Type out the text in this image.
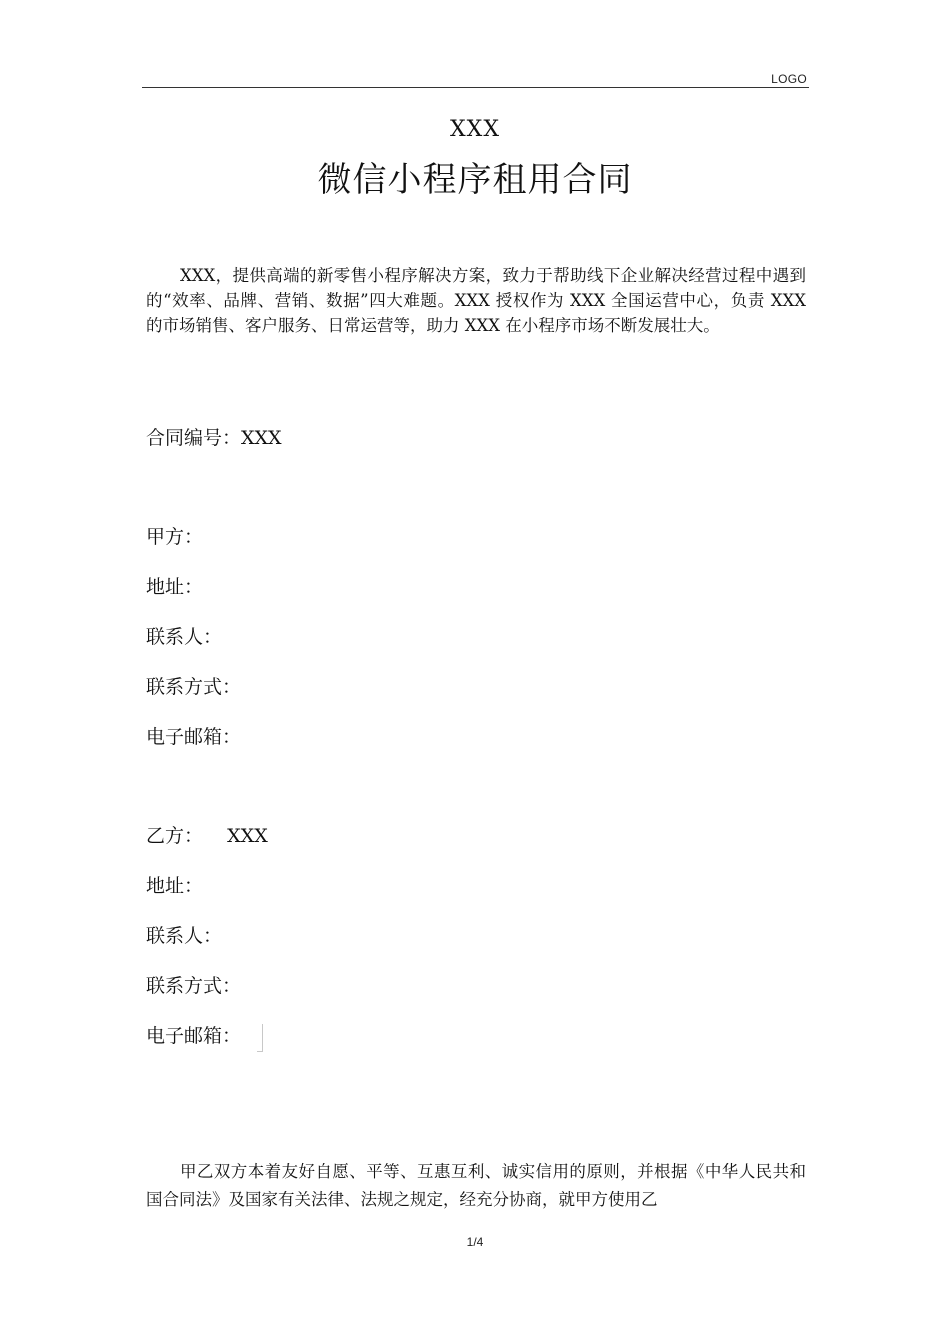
LOGO
XXX
微信小程序租用合同

XXX，提供高端的新零售小程序解决方案，致力于帮助线下企业解决经营过程中遇到的“效率、品牌、营销、数据”四大难题。XXX 授权作为 XXX 全国运营中心，负责 XXX 的市场销售、客户服务、日常运营等，助力 XXX 在小程序市场不断发展壮大。

合同编号：XXX
甲方：
地址：
联系人：
联系方式：
电子邮箱：
乙方：    XXX
地址：
联系人：
联系方式：
电子邮箱：

甲乙双方本着友好自愿、平等、互惠互利、诚实信用的原则，并根据《中华人民共和国合同法》及国家有关法律、法规之规定，经充分协商，就甲方使用乙

1/4
